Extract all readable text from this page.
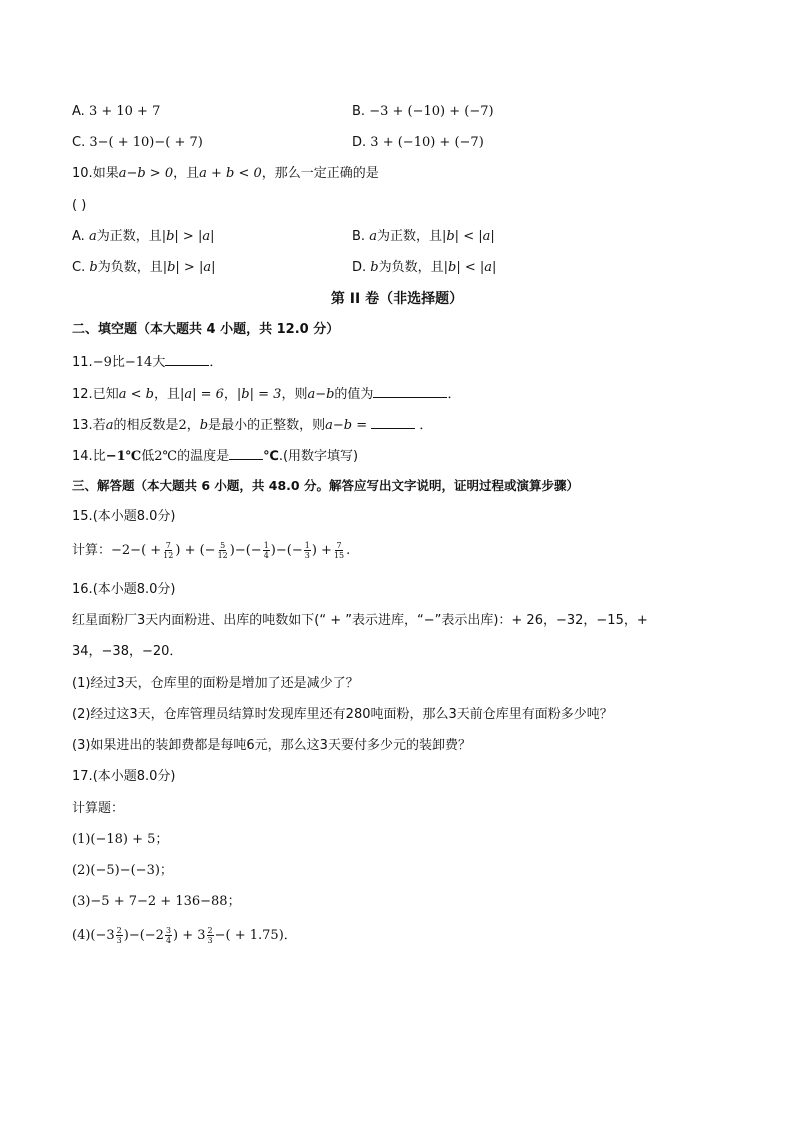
A. 3 + 10 + 7	B. −3 + (−10) + (−7)
C. 3−( + 10)−( + 7)	D. 3 + (−10) + (−7)
10.如果a−b > 0，且a + b < 0，那么一定正确的是
( )
A. a为正数，且|b| > |a|	B. a为正数，且|b| < |a|
C. b为负数，且|b| > |a|	D. b为负数，且|b| < |a|
第 II 卷（非选择题）
二、填空题（本大题共 4 小题，共 12.0 分）
11.−9比−14大	．
12.已知a < b，且|a| = 6，|b| = 3，则a−b的值为	．
13.若a的相反数是2，b是最小的正整数，则a−b =	．
14.比−1℃低2℃的温度是	℃.(用数字填写)
三、解答题（本大题共 6 小题，共 48.0 分。解答应写出文字说明，证明过程或演算步骤）
15.(本小题8.0分)
计算：$-2-( + \frac{7}{12}$ ) + (− $\frac{5}{12}$ )−(− $\frac{1}{4}$ )−(− $\frac{1}{3}$ ) + $\frac{7}{15}$ .
16.(本小题8.0分)
红星面粉厂3天内面粉进、出库的吨数如下(“ + ”表示进库，“−”表示出库)：+ 26，−32，−15，+
34，−38，−20．
(1)经过3天，仓库里的面粉是增加了还是减少了？
(2)经过这3天，仓库管理员结算时发现库里还有280吨面粉，那么3天前仓库里有面粉多少吨？
(3)如果进出的装卸费都是每吨6元，那么这3天要付多少元的装卸费？
17.(本小题8.0分)
计算题：
(1)(−18) + 5；
(2)(−5)−(−3)；
(3)−5 + 7−2 + 136−88；
$(4)(-3 \frac{2}{3} )-(-2 \frac{3}{4}$ ) + $3 \frac{2}{3}$ −( + 1.75)．
